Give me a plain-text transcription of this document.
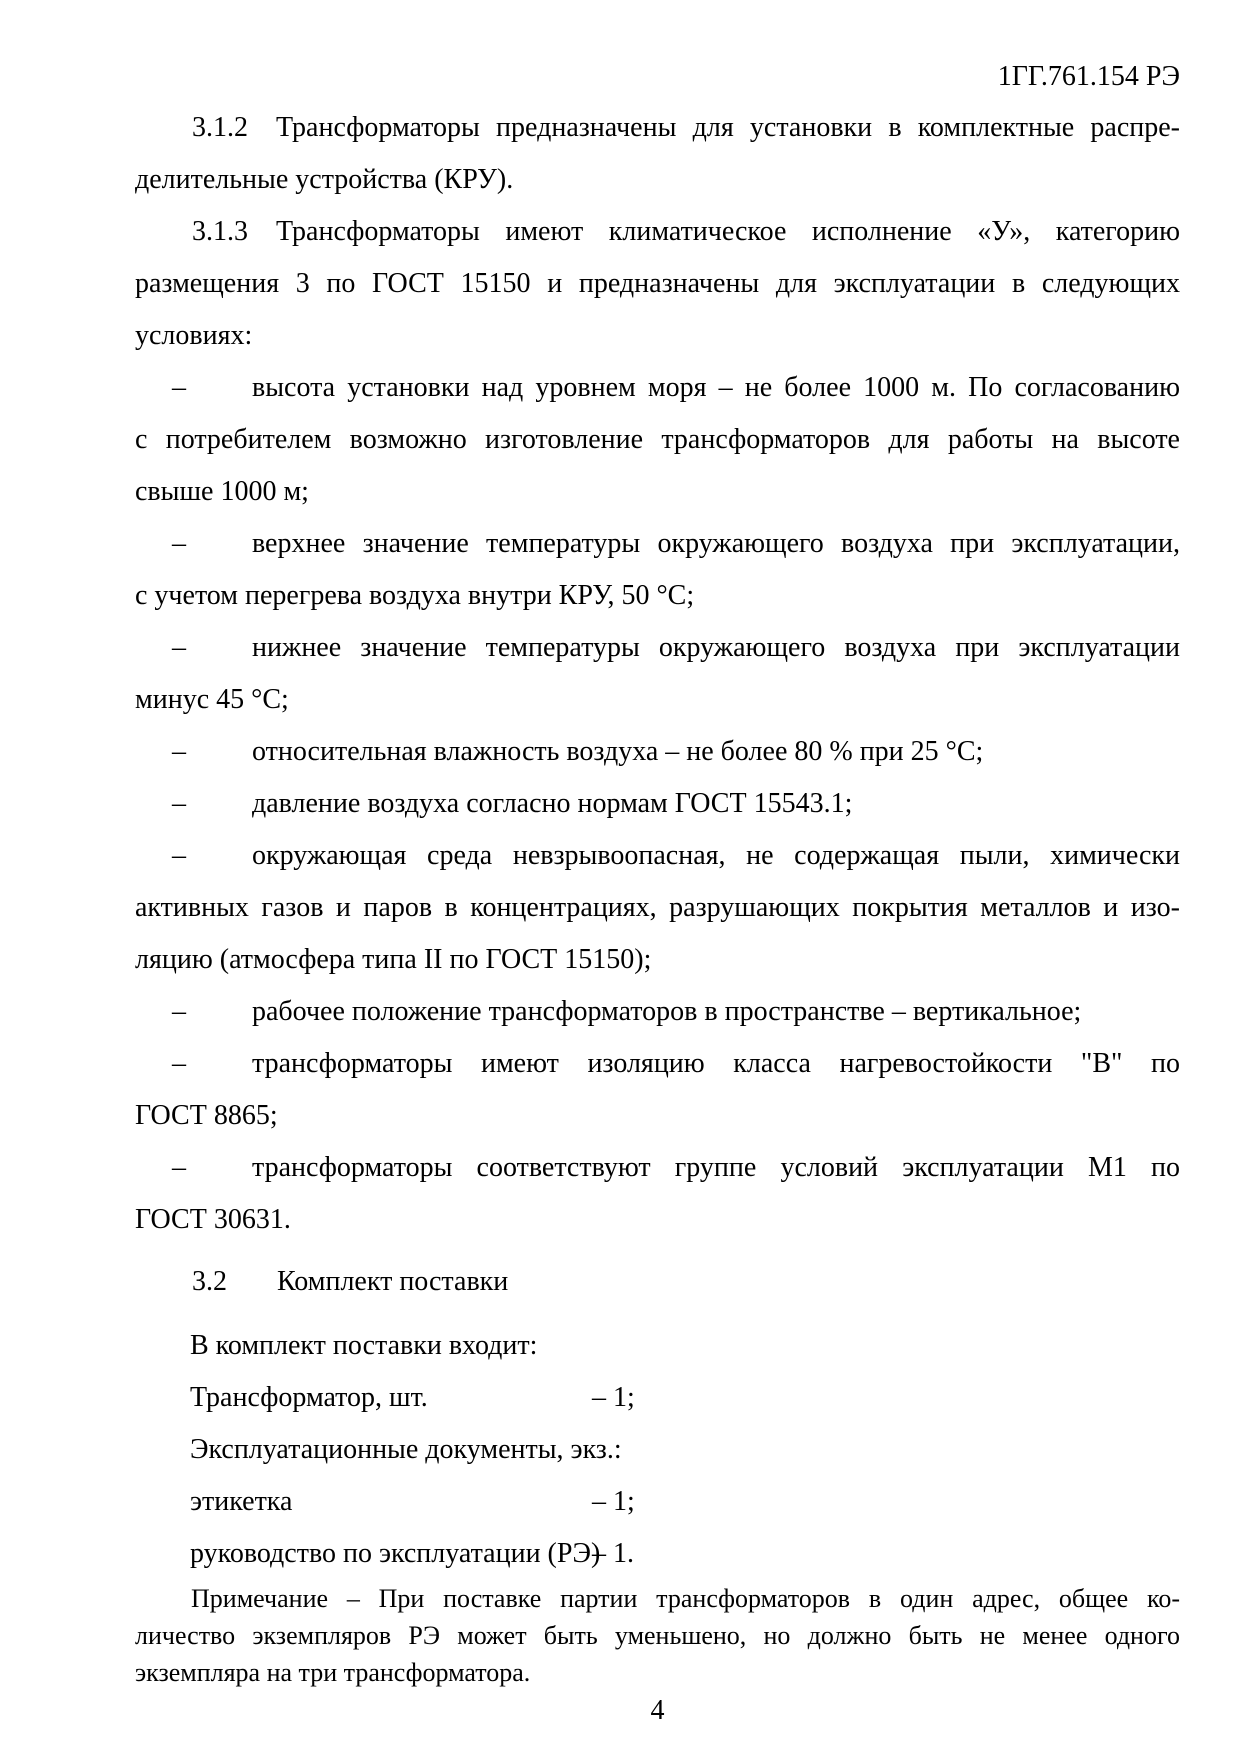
1ГГ.761.154 РЭ
3.1.2 Трансформаторы предназначены для установки в комплектные распре-
делительные устройства (КРУ).
3.1.3 Трансформаторы имеют климатическое исполнение «У», категорию
размещения 3 по ГОСТ 15150 и предназначены для эксплуатации в следующих
условиях:
– высота установки над уровнем моря – не более 1000 м. По согласованию
с потребителем возможно изготовление трансформаторов для работы на высоте
свыше 1000 м;
– верхнее значение температуры окружающего воздуха при эксплуатации,
с учетом перегрева воздуха внутри КРУ, 50 °С;
– нижнее значение температуры окружающего воздуха при эксплуатации
минус 45 °С;
– относительная влажность воздуха – не более 80 % при 25 °С;
– давление воздуха согласно нормам ГОСТ 15543.1;
– окружающая среда невзрывоопасная, не содержащая пыли, химически
активных газов и паров в концентрациях, разрушающих покрытия металлов и изо-
ляцию (атмосфера типа II по ГОСТ 15150);
– рабочее положение трансформаторов в пространстве – вертикальное;
– трансформаторы имеют изоляцию класса нагревостойкости "В" по
ГОСТ 8865;
– трансформаторы соответствуют группе условий эксплуатации М1 по
ГОСТ 30631.
3.2 Комплект поставки
В комплект поставки входит:
Трансформатор, шт.	– 1;
Эксплуатационные документы, экз.:
этикетка	– 1;
руководство по эксплуатации (РЭ)
– 1.
Примечание – При поставке партии трансформаторов в один адрес, общее ко-
личество экземпляров РЭ может быть уменьшено, но должно быть не менее одного
экземпляра на три трансформатора.
4
